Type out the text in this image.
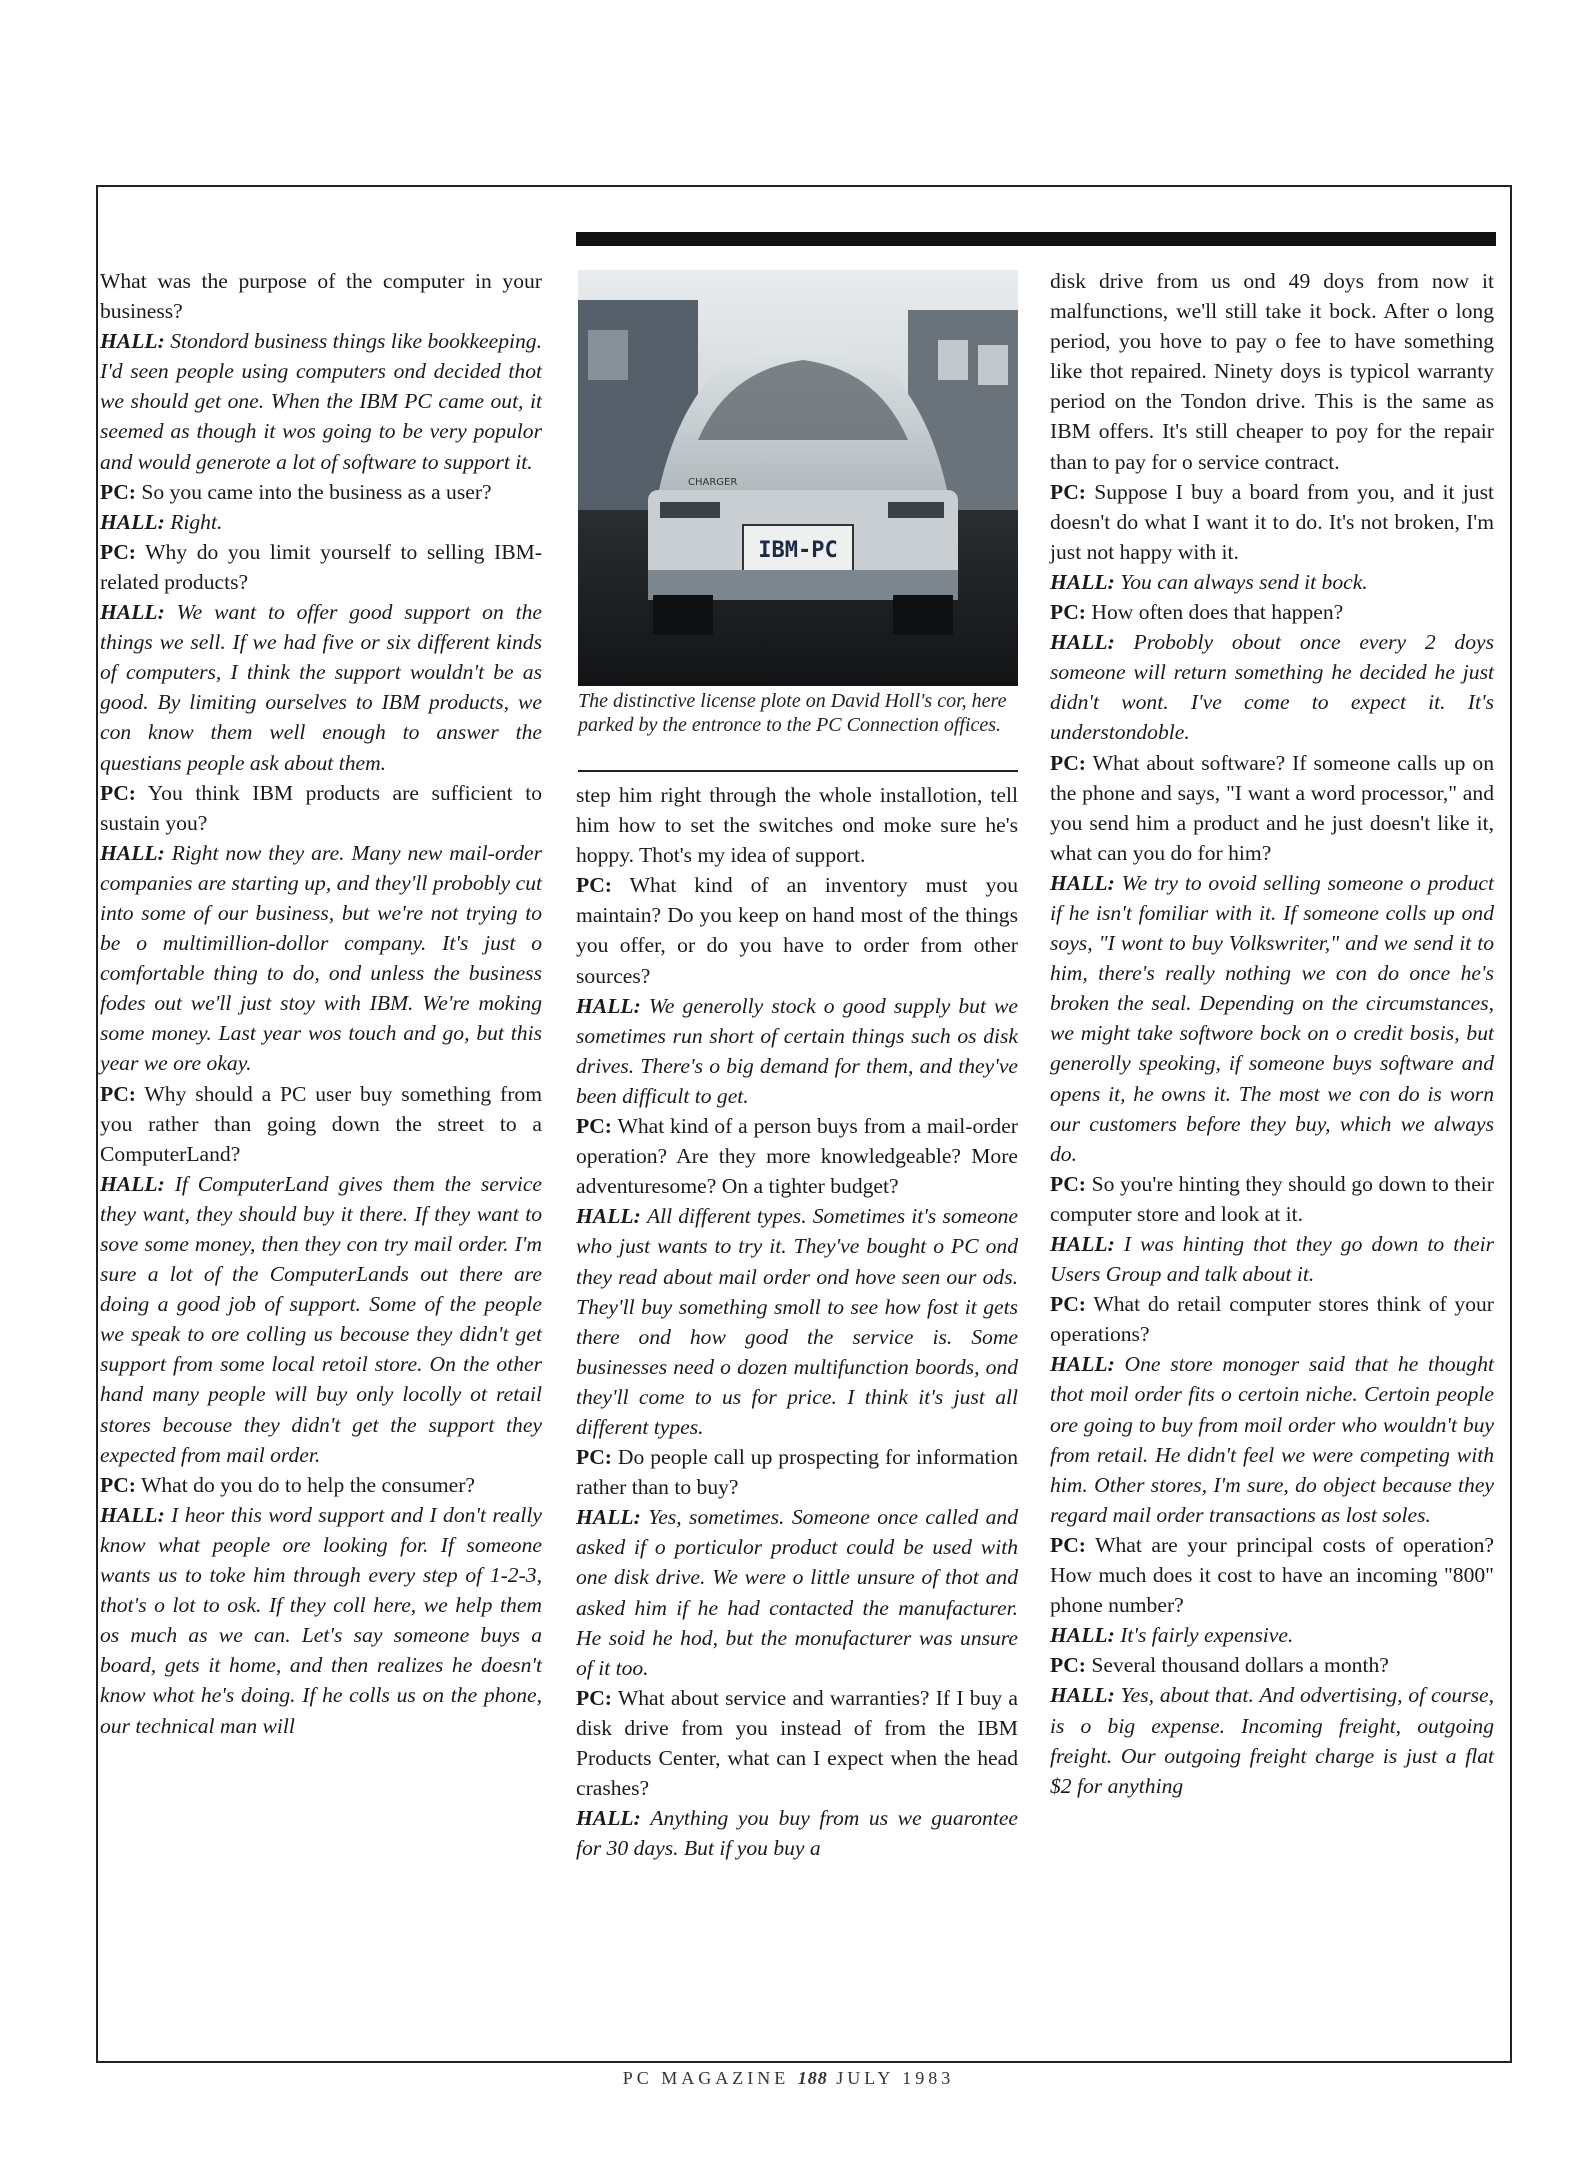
What was the purpose of the computer in your business?

HALL: Stondord business things like bookkeeping. I'd seen people using computers ond decided thot we should get one. When the IBM PC came out, it seemed as though it wos going to be very populor and would generote a lot of software to support it.

PC: So you came into the business as a user?

HALL: Right.

PC: Why do you limit yourself to selling IBM-related products?

HALL: We want to offer good support on the things we sell. If we had five or six different kinds of computers, I think the support wouldn't be as good. By limiting ourselves to IBM products, we con know them well enough to answer the questians people ask about them.

PC: You think IBM products are sufficient to sustain you?

HALL: Right now they are. Many new mail-order companies are starting up, and they'll probobly cut into some of our business, but we're not trying to be o multimillion-dollor company. It's just o comfortable thing to do, ond unless the business fodes out we'll just stoy with IBM. We're moking some money. Last year wos touch and go, but this year we ore okay.

PC: Why should a PC user buy something from you rather than going down the street to a ComputerLand?

HALL: If ComputerLand gives them the service they want, they should buy it there. If they want to sove some money, then they con try mail order. I'm sure a lot of the ComputerLands out there are doing a good job of support. Some of the people we speak to ore colling us becouse they didn't get support from some local retoil store. On the other hand many people will buy only locolly ot retail stores becouse they didn't get the support they expected from mail order.

PC: What do you do to help the consumer?

HALL: I heor this word support and I don't really know what people ore looking for. If someone wants us to toke him through every step of 1-2-3, thot's o lot to osk. If they coll here, we help them os much as we can. Let's say someone buys a board, gets it home, and then realizes he doesn't know whot he's doing. If he colls us on the phone, our technical man will

IBM-PC
CHARGER
The distinctive license plote on David Holl's cor, here parked by the entronce to the PC Connection offices.

step him right through the whole installotion, tell him how to set the switches ond moke sure he's hoppy. Thot's my idea of support.

PC: What kind of an inventory must you maintain? Do you keep on hand most of the things you offer, or do you have to order from other sources?

HALL: We generolly stock o good supply but we sometimes run short of certain things such os disk drives. There's o big demand for them, and they've been difficult to get.

PC: What kind of a person buys from a mail-order operation? Are they more knowledgeable? More adventuresome? On a tighter budget?

HALL: All different types. Sometimes it's someone who just wants to try it. They've bought o PC ond they read about mail order ond hove seen our ods. They'll buy something smoll to see how fost it gets there ond how good the service is. Some businesses need o dozen multifunction boords, ond they'll come to us for price. I think it's just all different types.

PC: Do people call up prospecting for information rather than to buy?

HALL: Yes, sometimes. Someone once called and asked if o porticulor product could be used with one disk drive. We were o little unsure of thot and asked him if he had contacted the manufacturer. He soid he hod, but the monufacturer was unsure of it too.

PC: What about service and warranties? If I buy a disk drive from you instead of from the IBM Products Center, what can I expect when the head crashes?

HALL: Anything you buy from us we guarontee for 30 days. But if you buy a

disk drive from us ond 49 doys from now it malfunctions, we'll still take it bock. After o long period, you hove to pay o fee to have something like thot repaired. Ninety doys is typicol warranty period on the Tondon drive. This is the same as IBM offers. It's still cheaper to poy for the repair than to pay for o service contract.

PC: Suppose I buy a board from you, and it just doesn't do what I want it to do. It's not broken, I'm just not happy with it.

HALL: You can always send it bock.

PC: How often does that happen?

HALL: Probobly obout once every 2 doys someone will return something he decided he just didn't wont. I've come to expect it. It's understondoble.

PC: What about software? If someone calls up on the phone and says, "I want a word processor," and you send him a product and he just doesn't like it, what can you do for him?

HALL: We try to ovoid selling someone o product if he isn't fomiliar with it. If someone colls up ond soys, "I wont to buy Volkswriter," and we send it to him, there's really nothing we con do once he's broken the seal. Depending on the circumstances, we might take softwore bock on o credit bosis, but generolly speoking, if someone buys software and opens it, he owns it. The most we con do is worn our customers before they buy, which we always do.

PC: So you're hinting they should go down to their computer store and look at it.

HALL: I was hinting thot they go down to their Users Group and talk about it.

PC: What do retail computer stores think of your operations?

HALL: One store monoger said that he thought thot moil order fits o certoin niche. Certoin people ore going to buy from moil order who wouldn't buy from retail. He didn't feel we were competing with him. Other stores, I'm sure, do object because they regard mail order transactions as lost soles.

PC: What are your principal costs of operation? How much does it cost to have an incoming "800" phone number?

HALL: It's fairly expensive.

PC: Several thousand dollars a month?

HALL: Yes, about that. And odvertising, of course, is o big expense. Incoming freight, outgoing freight. Our outgoing freight charge is just a flat $2 for anything

PC MAGAZINE 188 JULY 1983
